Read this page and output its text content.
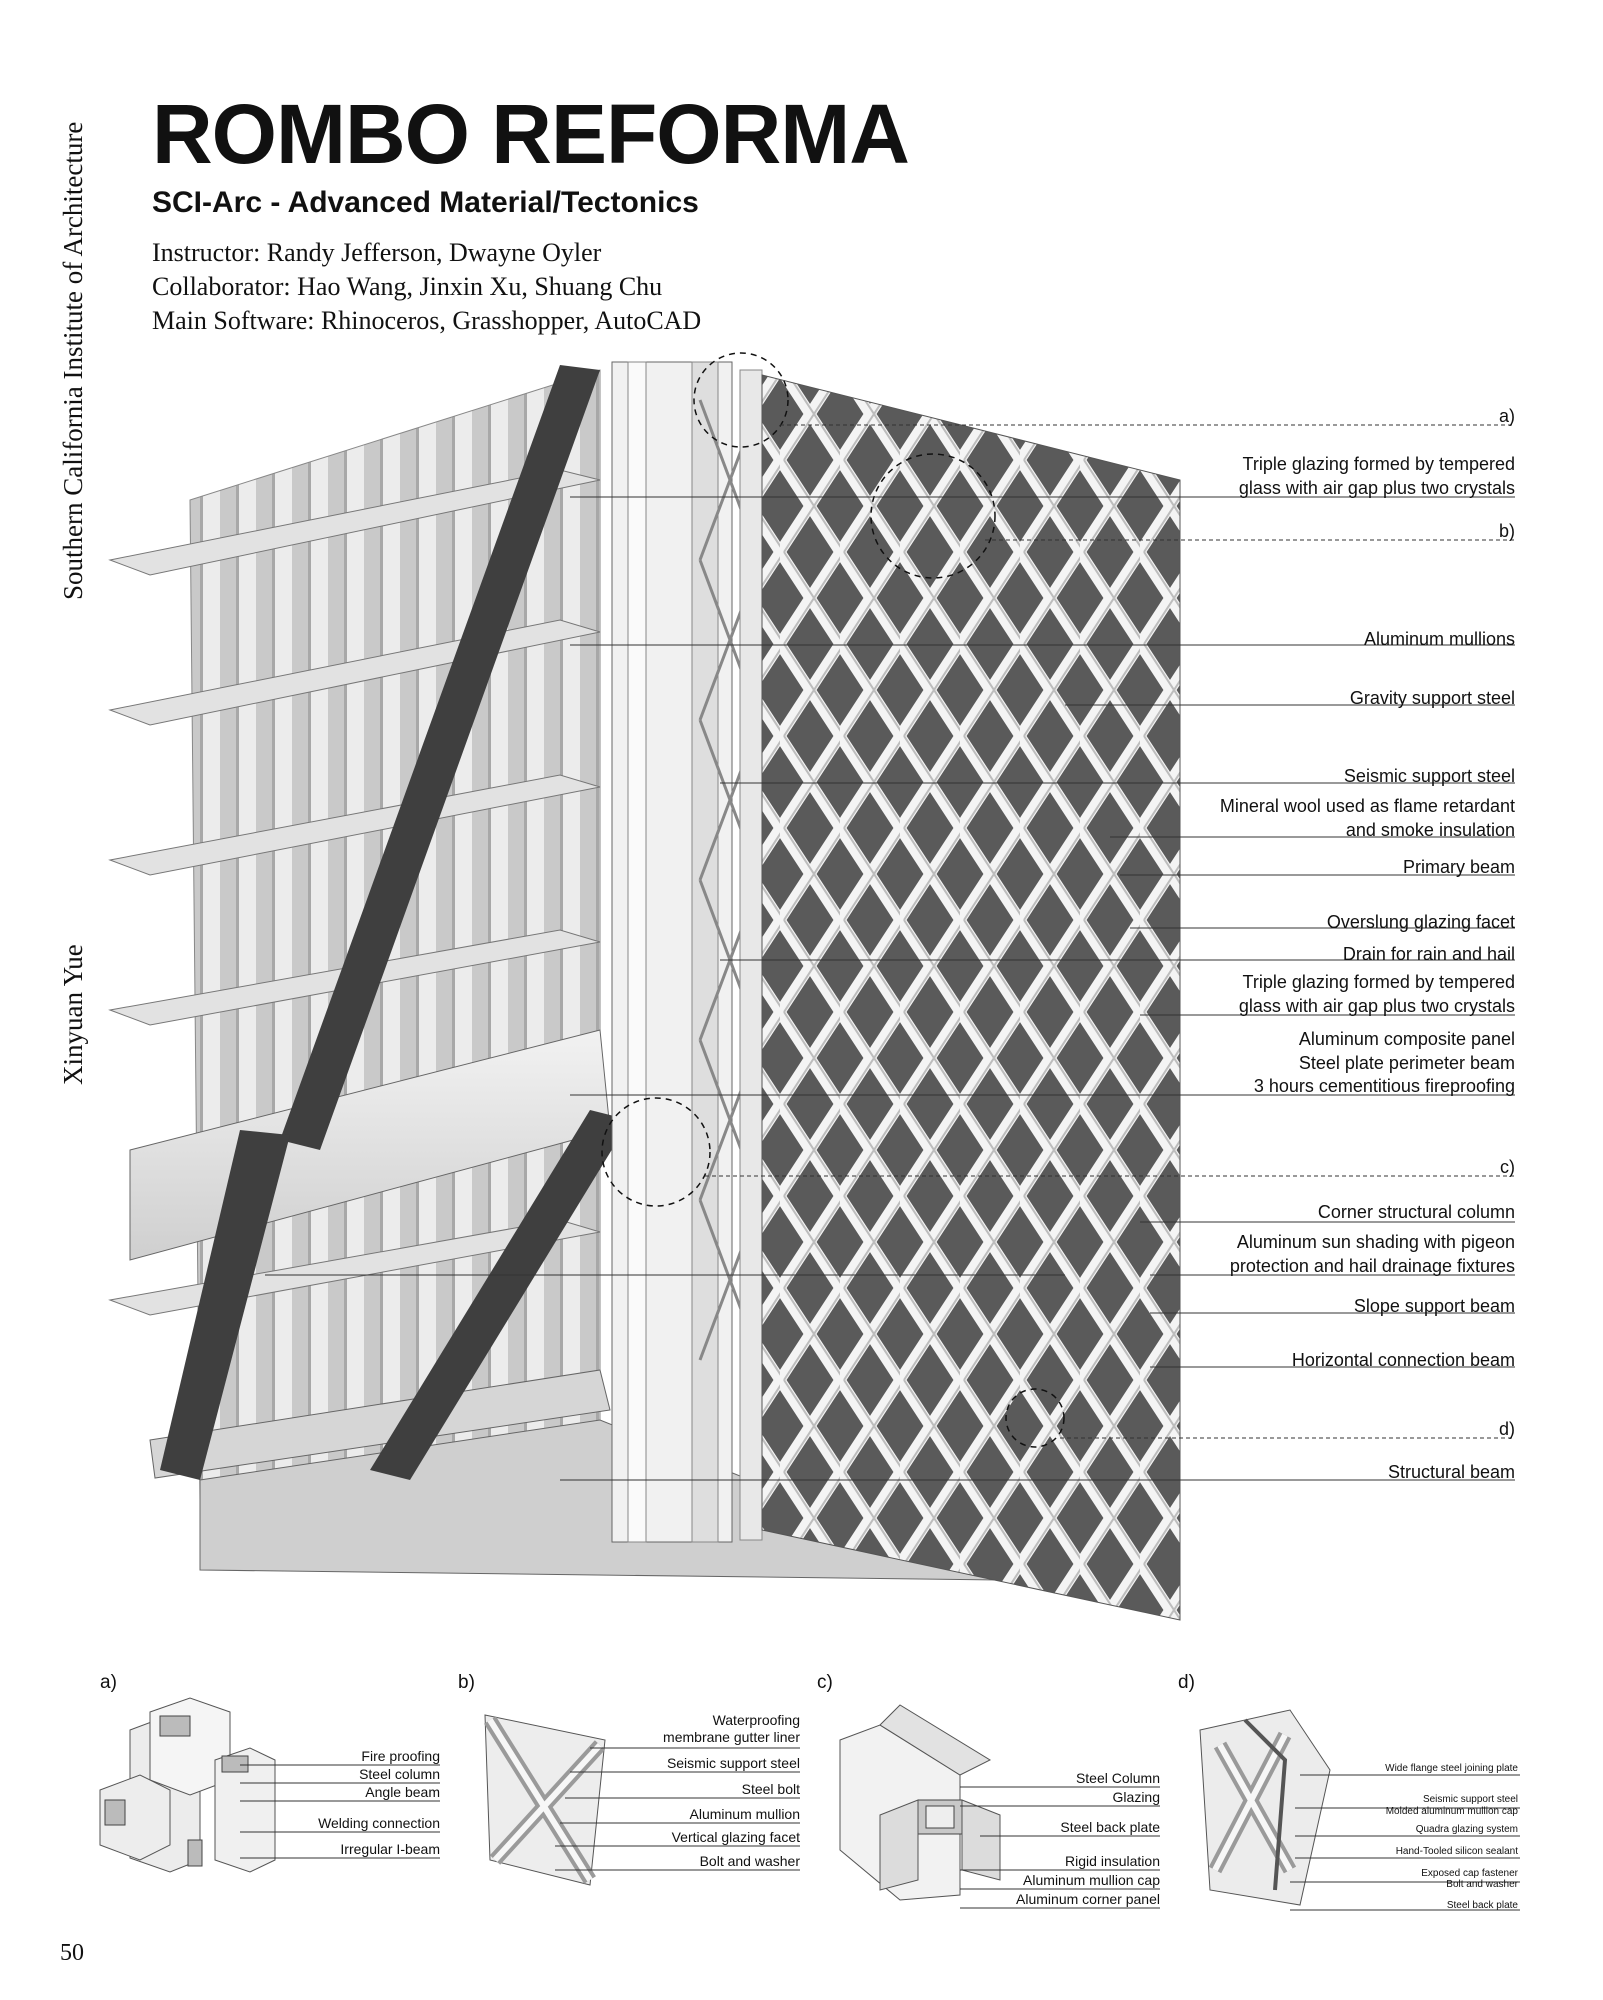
Southern California Institute of Architecture
Xinyuan Yue
ROMBO REFORMA
SCI-Arc - Advanced Material/Tectonics
Instructor: Randy Jefferson, Dwayne Oyler
Collaborator: Hao Wang, Jinxin Xu, Shuang Chu
Main Software: Rhinoceros, Grasshopper, AutoCAD
a)
Triple glazing formed by tempered
glass with air gap plus two crystals
b)
Aluminum mullions
Gravity support steel
Seismic support steel
Mineral wool used as flame retardant
and smoke insulation
Primary beam
Overslung glazing facet
Drain for rain and hail
Triple glazing formed by tempered
glass with air gap plus two crystals
Aluminum composite panel
Steel plate perimeter beam
3 hours cementitious fireproofing
c)
Corner structural column
Aluminum sun shading with pigeon
protection and hail drainage fixtures
Slope support beam
Horizontal connection beam
d)
Structural beam
a)
Fire proofing
Steel column
Angle beam
Welding connection
Irregular I-beam
b)
Waterproofing
membrane gutter liner
Seismic support steel
Steel bolt
Aluminum mullion
Vertical glazing facet
Bolt and washer
c)
Steel Column
Glazing
Steel back plate
Rigid insulation
Aluminum mullion cap
Aluminum corner panel
d)
Wide flange steel joining plate
Seismic support steel
Molded aluminum mullion cap
Quadra glazing system
Hand-Tooled silicon sealant
Exposed cap fastener
Bolt and washer
Steel back plate
50
